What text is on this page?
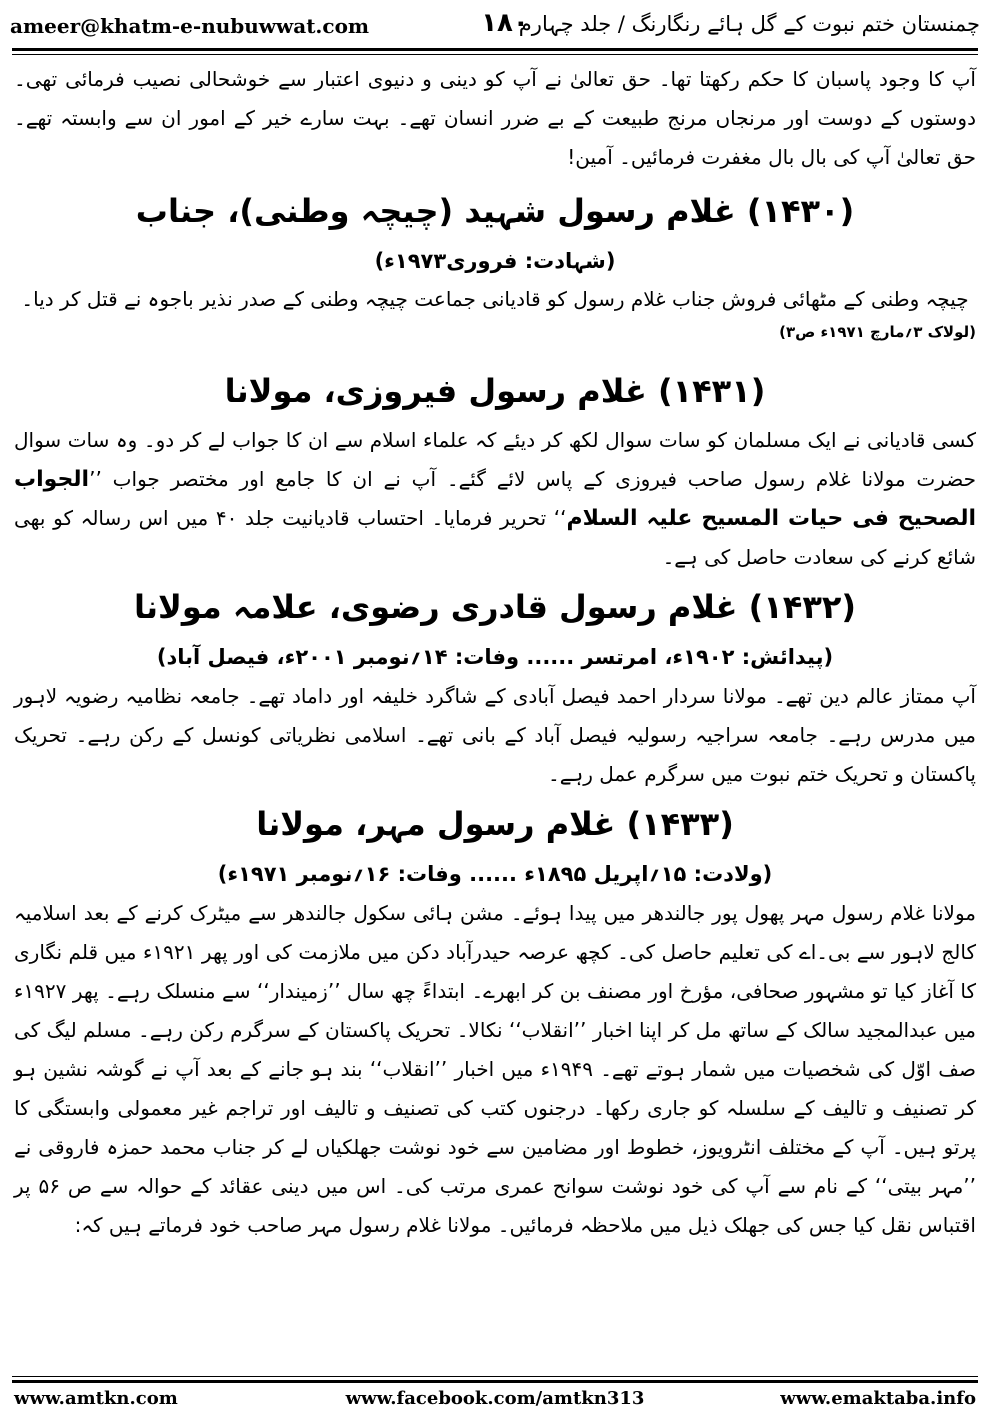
ameer@khatm-e-nubuwwat.com	۱۸۰
چمنستان ختم نبوت کے گل ہائے رنگارنگ / جلد چہارم

آپ کا وجود پاسبان کا حکم رکھتا تھا۔ حق تعالیٰ نے آپ کو دینی و دنیوی اعتبار سے خوشحالی نصیب فرمائی تھی۔ دوستوں کے دوست اور مرنجاں مرنج طبیعت کے بے ضرر انسان تھے۔ بہت سارے خیر کے امور ان سے وابستہ تھے۔ حق تعالیٰ آپ کی بال بال مغفرت فرمائیں۔ آمین!

(۱۴۳۰) غلام رسول شہید (چیچہ وطنی)، جناب

(شہادت: فروری۱۹۷۳ء)

چیچہ وطنی کے مٹھائی فروش جناب غلام رسول کو قادیانی جماعت چیچہ وطنی کے صدر نذیر باجوہ نے قتل کر دیا۔

(لولاک ۳؍مارچ ۱۹۷۱ء ص۳)

(۱۴۳۱) غلام رسول فیروزی، مولانا

کسی قادیانی نے ایک مسلمان کو سات سوال لکھ کر دیئے کہ علماء اسلام سے ان کا جواب لے کر دو۔ وہ سات سوال حضرت مولانا غلام رسول صاحب فیروزی کے پاس لائے گئے۔ آپ نے ان کا جامع اور مختصر جواب ’’الجواب الصحیح فی حیات المسیح علیہ السلام‘‘ تحریر فرمایا۔ احتساب قادیانیت جلد ۴۰ میں اس رسالہ کو بھی شائع کرنے کی سعادت حاصل کی ہے۔

(۱۴۳۲) غلام رسول قادری رضوی، علامہ مولانا

(پیدائش: ۱۹۰۲ء، امرتسر ...... وفات: ۱۴؍نومبر ۲۰۰۱ء، فیصل آباد)

آپ ممتاز عالم دین تھے۔ مولانا سردار احمد فیصل آبادی کے شاگرد خلیفہ اور داماد تھے۔ جامعہ نظامیہ رضویہ لاہور میں مدرس رہے۔ جامعہ سراجیہ رسولیہ فیصل آباد کے بانی تھے۔ اسلامی نظریاتی کونسل کے رکن رہے۔ تحریک پاکستان و تحریک ختم نبوت میں سرگرم عمل رہے۔

(۱۴۳۳) غلام رسول مہر، مولانا

(ولادت: ۱۵؍اپریل ۱۸۹۵ء ...... وفات: ۱۶؍نومبر ۱۹۷۱ء)

مولانا غلام رسول مہر پھول پور جالندھر میں پیدا ہوئے۔ مشن ہائی سکول جالندھر سے میٹرک کرنے کے بعد اسلامیہ کالج لاہور سے بی۔اے کی تعلیم حاصل کی۔ کچھ عرصہ حیدرآباد دکن میں ملازمت کی اور پھر ۱۹۲۱ء میں قلم نگاری کا آغاز کیا تو مشہور صحافی، مؤرخ اور مصنف بن کر ابھرے۔ ابتداءً چھ سال ’’زمیندار‘‘ سے منسلک رہے۔ پھر ۱۹۲۷ء میں عبدالمجید سالک کے ساتھ مل کر اپنا اخبار ’’انقلاب‘‘ نکالا۔ تحریک پاکستان کے سرگرم رکن رہے۔ مسلم لیگ کی صف اوّل کی شخصیات میں شمار ہوتے تھے۔ ۱۹۴۹ء میں اخبار ’’انقلاب‘‘ بند ہو جانے کے بعد آپ نے گوشہ نشین ہو کر تصنیف و تالیف کے سلسلہ کو جاری رکھا۔ درجنوں کتب کی تصنیف و تالیف اور تراجم غیر معمولی وابستگی کا پرتو ہیں۔ آپ کے مختلف انٹرویوز، خطوط اور مضامین سے خود نوشت جھلکیاں لے کر جناب محمد حمزہ فاروقی نے ’’مہر بیتی‘‘ کے نام سے آپ کی خود نوشت سوانح عمری مرتب کی۔ اس میں دینی عقائد کے حوالہ سے ص ۵۶ پر اقتباس نقل کیا جس کی جھلک ذیل میں ملاحظہ فرمائیں۔ مولانا غلام رسول مہر صاحب خود فرماتے ہیں کہ:

www.facebook.com/amtkn313
www.amtkn.com	www.emaktaba.info
